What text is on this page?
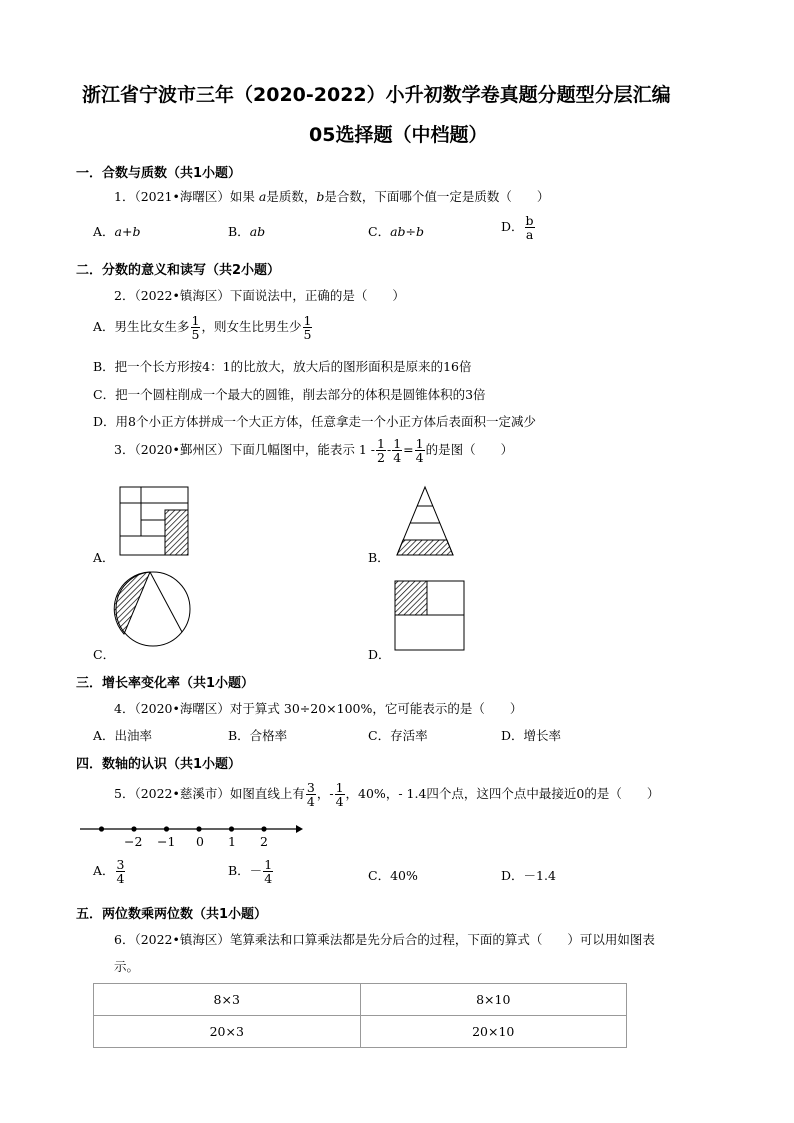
浙江省宁波市三年（2020-2022）小升初数学卷真题分题型分层汇编
05选择题（中档题）
一．合数与质数（共1小题）
1．（2021•海曙区）如果 a是质数，b是合数，下面哪个值一定是质数（　　）
A．a+b	B．ab	C．ab÷b	D． $\frac{b}{a}$
二．分数的意义和读写（共2小题）
2．（2022•镇海区）下面说法中，正确的是（　　）
A．男生比女生多 $\frac{1}{5}$ ，则女生比男生少 $\frac{1}{5}$
B．把一个长方形按4：1的比放大，放大后的图形面积是原来的16倍
C．把一个圆柱削成一个最大的圆锥，削去部分的体积是圆锥体积的3倍
D．用8个小正方体拼成一个大正方体，任意拿走一个小正方体后表面积一定减少
3．（2020•鄞州区）下面几幅图中，能表示 $1 - \frac{1}{2} - \frac{1}{4} = \frac{1}{4}$ 的是图（　　）
A．	B．
C．	D．
三．增长率变化率（共1小题）
4．（2020•海曙区）对于算式 30÷20×100%，它可能表示的是（　　）
A．出油率	B．合格率	C．存活率	D．增长率
四．数轴的认识（共1小题）
5．（2022•慈溪市）如图直线上有 $\frac{3}{4}$ ，- $\frac{1}{4}$ ，40%，- 1.4四个点，这四个点中最接近0的是（　　）
−2 −1 0 1 2
A． $\frac{3}{4}$	B．－ $\frac{1}{4}$	C．40%	D．－1.4
五．两位数乘两位数（共1小题）
6．（2022•镇海区）笔算乘法和口算乘法都是先分后合的过程，下面的算式（　　）可以用如图表
示。
8×3	8×10
20×3	20×10
